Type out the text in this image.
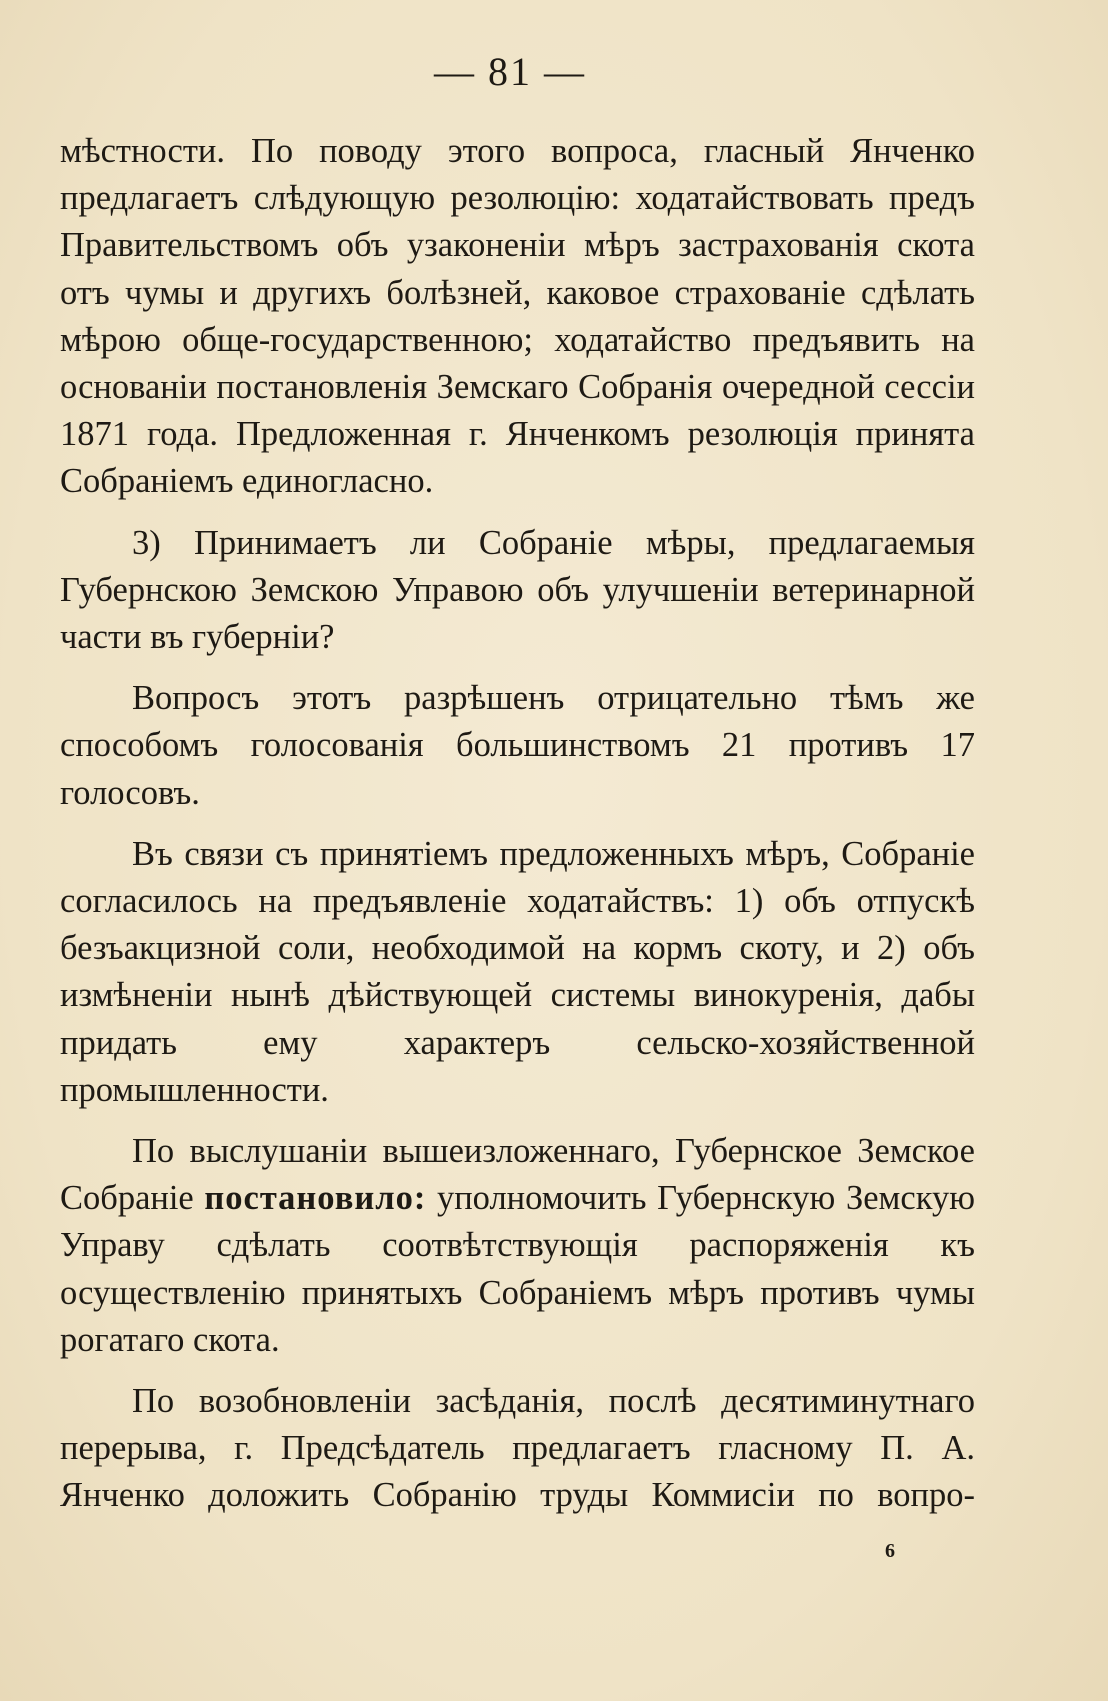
— 81 —

мѣстности. По поводу этого вопроса, гласный Янченко предлагаетъ слѣдующую резолюцію: ходатайствовать предъ Правительствомъ объ узаконеніи мѣръ застрахованія скота отъ чумы и другихъ болѣзней, каковое страхованіе сдѣлать мѣрою обще-государственною; ходатайство предъявить на основаніи постановленія Земскаго Собранія очередной сессіи 1871 года. Предложенная г. Янченкомъ резолюція принята Собраніемъ единогласно.

3) Принимаетъ ли Собраніе мѣры, предлагаемыя Губернскою Земскою Управою объ улучшеніи ветеринарной части въ губерніи?

Вопросъ этотъ разрѣшенъ отрицательно тѣмъ же способомъ голосованія большинствомъ 21 противъ 17 голосовъ.

Въ связи съ принятіемъ предложенныхъ мѣръ, Собраніе согласилось на предъявленіе ходатайствъ: 1) объ отпускѣ безъакцизной соли, необходимой на кормъ скоту, и 2) объ измѣненіи нынѣ дѣйствующей системы винокуренія, дабы придать ему характеръ сельско-хозяйственной промышленности.

По выслушаніи вышеизложеннаго, Губернское Земское Собраніе постановило: уполномочить Губернскую Земскую Управу сдѣлать соотвѣтствующія распоряженія къ осуществленію принятыхъ Собраніемъ мѣръ противъ чумы рогатаго скота.

По возобновленіи засѣданія, послѣ десятиминутнаго перерыва, г. Предсѣдатель предлагаетъ гласному П. А. Янченко доложить Собранію труды Коммисіи по вопро-

6
